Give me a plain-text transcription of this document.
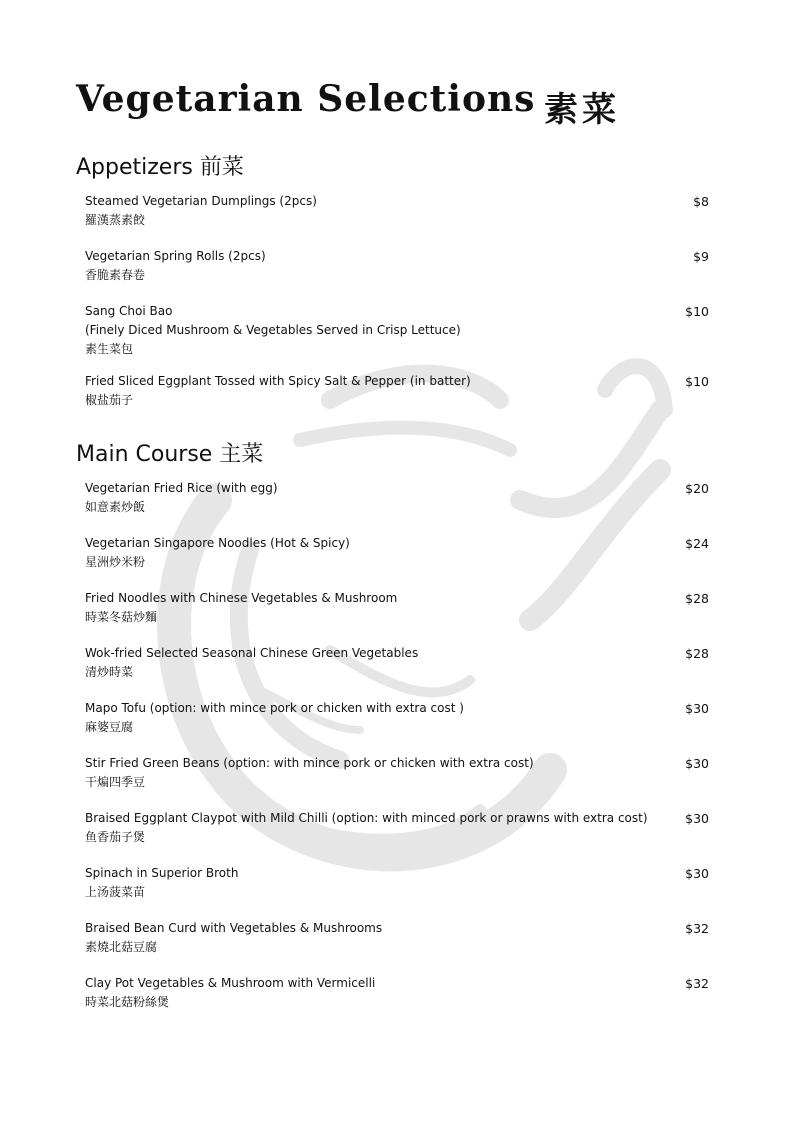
Vegetarian Selections 素菜
Appetizers 前菜
Steamed Vegetarian Dumplings (2pcs)
羅漢蒸素餃
$8
Vegetarian Spring Rolls (2pcs)
香脆素春卷
$9
Sang Choi Bao
(Finely Diced Mushroom & Vegetables Served in Crisp Lettuce)
素生菜包
$10
Fried Sliced Eggplant Tossed with Spicy Salt & Pepper (in batter)
椒盐茄子
$10
Main Course 主菜
Vegetarian Fried Rice (with egg)
如意素炒飯
$20
Vegetarian Singapore Noodles (Hot & Spicy)
星洲炒米粉
$24
Fried Noodles with Chinese Vegetables & Mushroom
時菜冬菇炒麵
$28
Wok-fried Selected Seasonal Chinese Green Vegetables
清炒時菜
$28
Mapo Tofu (option: with mince pork or chicken with extra cost )
麻婆豆腐
$30
Stir Fried Green Beans (option: with mince pork or chicken with extra cost)
干煸四季豆
$30
Braised Eggplant Claypot with Mild Chilli (option: with minced pork or prawns with extra cost)
鱼香茄子煲
$30
Spinach in Superior Broth
上汤菠菜苗
$30
Braised Bean Curd with Vegetables & Mushrooms
素燒北菇豆腐
$32
Clay Pot Vegetables & Mushroom with Vermicelli
時菜北菇粉絲煲
$32
